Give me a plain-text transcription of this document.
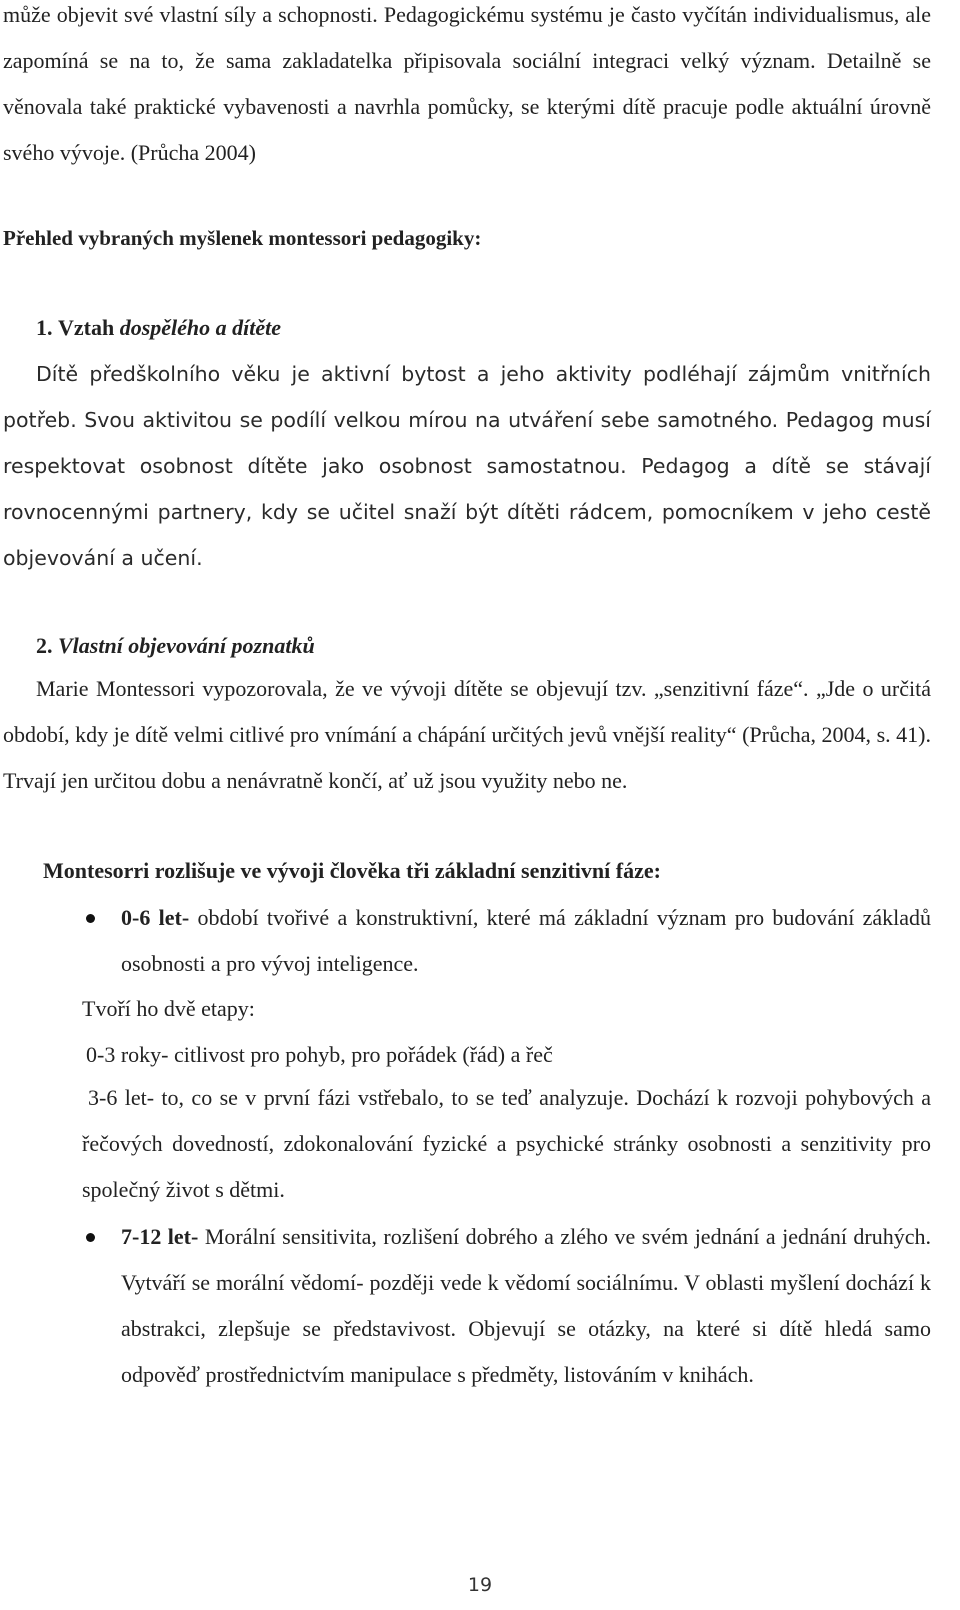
může objevit své vlastní síly a schopnosti. Pedagogickému systému je často vyčítán individualismus, ale zapomíná se na to, že sama zakladatelka připisovala sociální integraci velký význam. Detailně se věnovala také praktické vybavenosti a navrhla pomůcky, se kterými dítě pracuje podle aktuální úrovně svého vývoje. (Průcha 2004)

Přehled vybraných myšlenek montessori pedagogiky:

1. Vztah dospělého a dítěte

Dítě předškolního věku je aktivní bytost a jeho aktivity podléhají zájmům vnitřních potřeb. Svou aktivitou se podílí velkou mírou na utváření sebe samotného. Pedagog musí respektovat osobnost dítěte jako osobnost samostatnou. Pedagog a dítě se stávají rovnocennými partnery, kdy se učitel snaží být dítěti rádcem, pomocníkem v jeho cestě objevování a učení.

2. Vlastní objevování poznatků

Marie Montessori vypozorovala, že ve vývoji dítěte se objevují tzv. „senzitivní fáze“. „Jde o určitá období, kdy je dítě velmi citlivé pro vnímání a chápání určitých jevů vnější reality“ (Průcha, 2004, s. 41). Trvají jen určitou dobu a nenávratně končí, ať už jsou využity nebo ne.

Montesorri rozlišuje ve vývoji člověka tři základní senzitivní fáze:

0-6 let- období tvořivé a konstruktivní, které má základní význam pro budování základů osobnosti a pro vývoj inteligence.

Tvoří ho dvě etapy:

0-3 roky- citlivost pro pohyb, pro pořádek (řád) a řeč

3-6 let- to, co se v první fázi vstřebalo, to se teď analyzuje. Dochází k rozvoji pohybových a řečových dovedností, zdokonalování fyzické a psychické stránky osobnosti a senzitivity pro společný život s dětmi.

7-12 let- Morální sensitivita, rozlišení dobrého a zlého ve svém jednání a jednání druhých. Vytváří se morální vědomí- později vede k vědomí sociálnímu. V oblasti myšlení dochází k abstrakci, zlepšuje se představivost. Objevují se otázky, na které si dítě hledá samo odpověď prostřednictvím manipulace s předměty, listováním v knihách.

19
